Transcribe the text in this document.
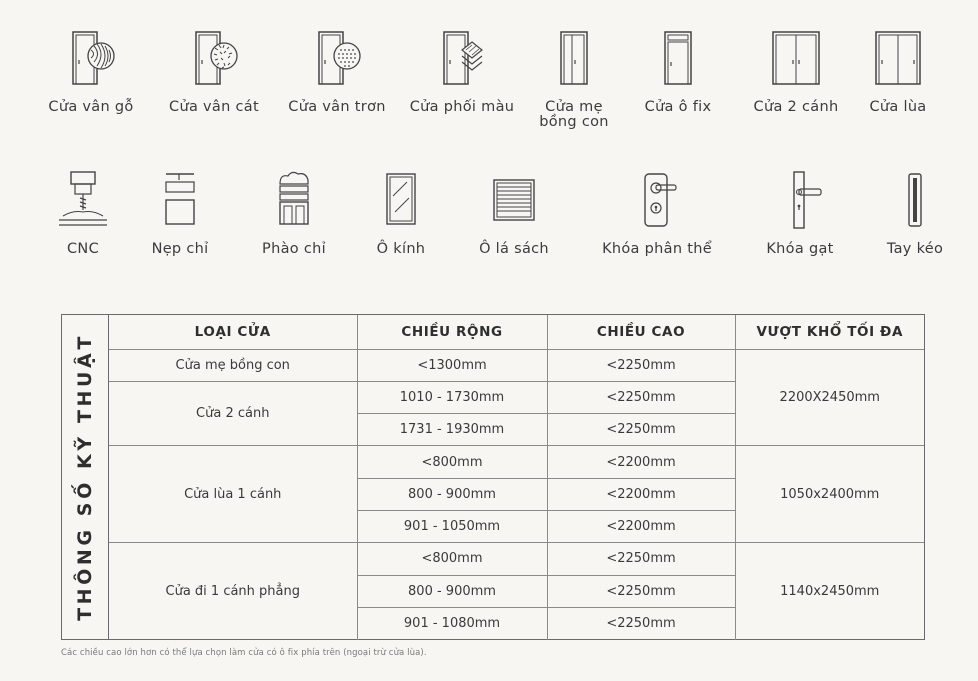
Cửa vân gỗ Cửa vân cát Cửa vân trơn Cửa phối màu	Cửa mẹ
bồng con
Cửa ô fix	Cửa 2 cánh Cửa lùa
CNC	Nẹp chỉ	Phào chỉ	Ô kính	Ô lá sách	Khóa phân thể	Khóa gạt	Tay kéo
THÔNG SỐ KỸ THUẬT
LOẠI CỬA	CHIỀU RỘNG	CHIỀU CAO	VƯỢT KHỔ TỐI ĐA
Cửa mẹ bồng con	<1300mm	<2250mm	2200X2450mm
Cửa 2 cánh	1010 - 1730mm	<2250mm	
	1731 - 1930mm	<2250mm	
Cửa lùa 1 cánh	<800mm	<2200mm	1050x2400mm
	800 - 900mm	<2200mm	
	901 - 1050mm	<2200mm	
Cửa đi 1 cánh phẳng	<800mm	<2250mm	1140x2450mm
	800 - 900mm	<2250mm	
	901 - 1080mm	<2250mm	
Các chiều cao lớn hơn có thể lựa chọn làm cửa có ô fix phía trên (ngoại trừ cửa lùa).
